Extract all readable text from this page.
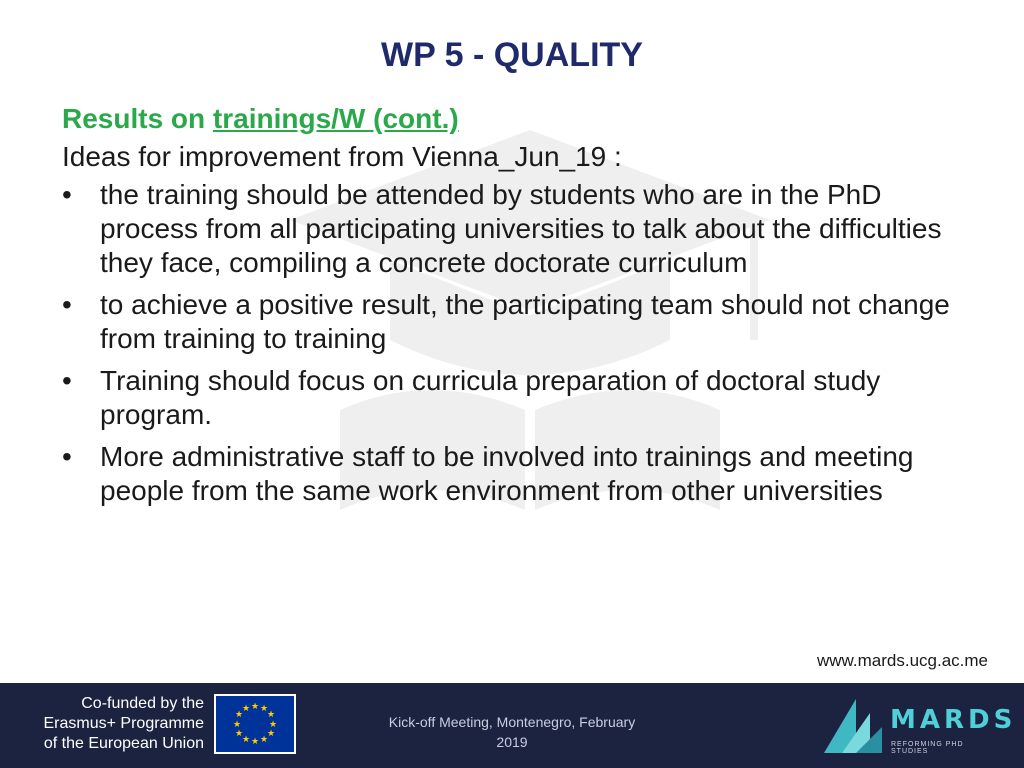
WP 5 - QUALITY
Results on trainings/W (cont.)
Ideas for improvement from Vienna_Jun_19 :
• the training should be attended by students who are in the PhD process from all participating universities to talk about the difficulties they face, compiling a concrete doctorate curriculum
• to achieve a positive result, the participating team should not change from training to training
• Training should focus on curricula preparation of doctoral study program.
• More administrative staff to be involved into trainings and meeting people from the same work environment from other universities
www.mards.ucg.ac.me
Co-funded by the
Erasmus+ Programme
of the European Union
★ ★
★
★
★
★
★
★
★
★
★
★
Kick-off Meeting, Montenegro, February
2019
MARDS
REFORMING PHD STUDIES
